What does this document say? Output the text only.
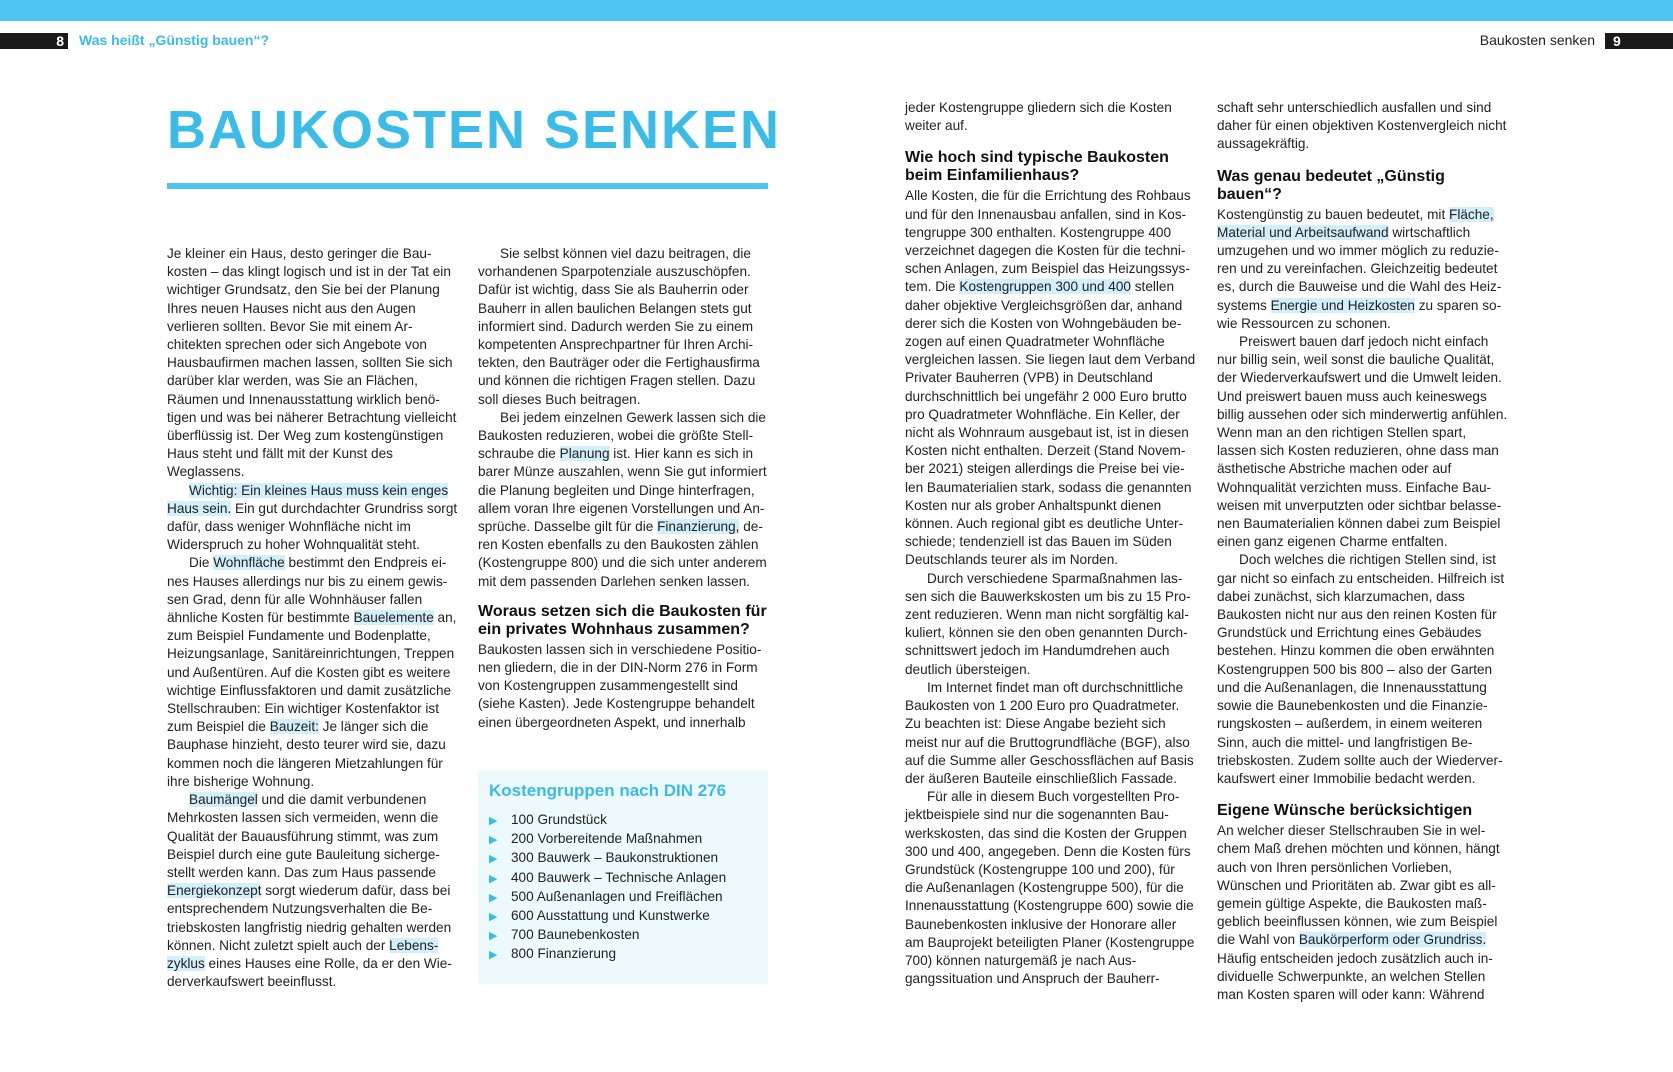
8 Was heißt „Günstig bauen“?	Baukosten senken	9
BAUKOSTEN SENKEN

Je kleiner ein Haus, desto geringer die Baukosten – das klingt logisch und ist in der Tat ein wichtiger Grundsatz, den Sie bei der Planung Ihres neuen Hauses nicht aus den Augen verlieren sollten. Bevor Sie mit einem Architekten sprechen oder sich Angebote von Hausbaufirmen machen lassen, sollten Sie sich darüber klar werden, was Sie an Flächen, Räumen und Innenausstattung wirklich benötigen und was bei näherer Betrachtung vielleicht überflüssig ist. Der Weg zum kostengünstigen Haus steht und fällt mit der Kunst des Weglassens.

Wichtig: Ein kleines Haus muss kein enges Haus sein. Ein gut durchdachter Grundriss sorgt dafür, dass weniger Wohnfläche nicht im Widerspruch zu hoher Wohnqualität steht.

Die Wohnfläche bestimmt den Endpreis eines Hauses allerdings nur bis zu einem gewissen Grad, denn für alle Wohnhäuser fallen ähnliche Kosten für bestimmte Bauelemente an, zum Beispiel Fundamente und Bodenplatte, Heizungsanlage, Sanitäreinrichtungen, Treppen und Außentüren. Auf die Kosten gibt es weitere wichtige Einflussfaktoren und damit zusätzliche Stellschrauben: Ein wichtiger Kostenfaktor ist zum Beispiel die Bauzeit: Je länger sich die Bauphase hinzieht, desto teurer wird sie, dazu kommen noch die längeren Mietzahlungen für ihre bisherige Wohnung.

Baumängel und die damit verbundenen Mehrkosten lassen sich vermeiden, wenn die Qualität der Bauausführung stimmt, was zum Beispiel durch eine gute Bauleitung sichergestellt werden kann. Das zum Haus passende Energiekonzept sorgt wiederum dafür, dass bei entsprechendem Nutzungsverhalten die Betriebskosten langfristig niedrig gehalten werden können. Nicht zuletzt spielt auch der Lebenszyklus eines Hauses eine Rolle, da er den Wiederverkaufswert beeinflusst.

Sie selbst können viel dazu beitragen, die vorhandenen Sparpotenziale auszuschöpfen. Dafür ist wichtig, dass Sie als Bauherrin oder Bauherr in allen baulichen Belangen stets gut informiert sind. Dadurch werden Sie zu einem kompetenten Ansprechpartner für Ihren Architekten, den Bauträger oder die Fertighausfirma und können die richtigen Fragen stellen. Dazu soll dieses Buch beitragen.

Bei jedem einzelnen Gewerk lassen sich die Baukosten reduzieren, wobei die größte Stellschraube die Planung ist. Hier kann es sich in barer Münze auszahlen, wenn Sie gut informiert die Planung begleiten und Dinge hinterfragen, allem voran Ihre eigenen Vorstellungen und Ansprüche. Dasselbe gilt für die Finanzierung, deren Kosten ebenfalls zu den Baukosten zählen (Kostengruppe 800) und die sich unter anderem mit dem passenden Darlehen senken lassen.

Woraus setzen sich die Baukosten für ein privates Wohnhaus zusammen?

Baukosten lassen sich in verschiedene Positionen gliedern, die in der DIN-Norm 276 in Form von Kostengruppen zusammengestellt sind (siehe Kasten). Jede Kostengruppe behandelt einen übergeordneten Aspekt, und innerhalb

Kostengruppen nach DIN 276
▶ 100 Grundstück
▶ 200 Vorbereitende Maßnahmen
▶ 300 Bauwerk – Baukonstruktionen
▶ 400 Bauwerk – Technische Anlagen
▶ 500 Außenanlagen und Freiflächen
▶ 600 Ausstattung und Kunstwerke
▶ 700 Baunebenkosten
▶ 800 Finanzierung

jeder Kostengruppe gliedern sich die Kosten weiter auf.

Wie hoch sind typische Baukosten beim Einfamilienhaus?

Alle Kosten, die für die Errichtung des Rohbaus und für den Innenausbau anfallen, sind in Kostengruppe 300 enthalten. Kostengruppe 400 verzeichnet dagegen die Kosten für die technischen Anlagen, zum Beispiel das Heizungssystem. Die Kostengruppen 300 und 400 stellen daher objektive Vergleichsgrößen dar, anhand derer sich die Kosten von Wohngebäuden bezogen auf einen Quadratmeter Wohnfläche vergleichen lassen. Sie liegen laut dem Verband Privater Bauherren (VPB) in Deutschland durchschnittlich bei ungefähr 2 000 Euro brutto pro Quadratmeter Wohnfläche. Ein Keller, der nicht als Wohnraum ausgebaut ist, ist in diesen Kosten nicht enthalten. Derzeit (Stand November 2021) steigen allerdings die Preise bei vielen Baumaterialien stark, sodass die genannten Kosten nur als grober Anhaltspunkt dienen können. Auch regional gibt es deutliche Unterschiede; tendenziell ist das Bauen im Süden Deutschlands teurer als im Norden.

Durch verschiedene Sparmaßnahmen lassen sich die Bauwerkskosten um bis zu 15 Prozent reduzieren. Wenn man nicht sorgfältig kalkuliert, können sie den oben genannten Durchschnittswert jedoch im Handumdrehen auch deutlich übersteigen.

Im Internet findet man oft durchschnittliche Baukosten von 1 200 Euro pro Quadratmeter. Zu beachten ist: Diese Angabe bezieht sich meist nur auf die Bruttogrundfläche (BGF), also auf die Summe aller Geschossflächen auf Basis der äußeren Bauteile einschließlich Fassade.

Für alle in diesem Buch vorgestellten Projektbeispiele sind nur die sogenannten Bauwerkskosten, das sind die Kosten der Gruppen 300 und 400, angegeben. Denn die Kosten fürs Grundstück (Kostengruppe 100 und 200), für die Außenanlagen (Kostengruppe 500), für die Innenausstattung (Kostengruppe 600) sowie die Baunebenkosten inklusive der Honorare aller am Bauprojekt beteiligten Planer (Kostengruppe 700) können naturgemäß je nach Ausgangssituation und Anspruch der Bauherr-

schaft sehr unterschiedlich ausfallen und sind daher für einen objektiven Kostenvergleich nicht aussagekräftig.

Was genau bedeutet „Günstig bauen“?

Kostengünstig zu bauen bedeutet, mit Fläche, Material und Arbeitsaufwand wirtschaftlich umzugehen und wo immer möglich zu reduzieren und zu vereinfachen. Gleichzeitig bedeutet es, durch die Bauweise und die Wahl des Heizsystems Energie und Heizkosten zu sparen sowie Ressourcen zu schonen.

Preiswert bauen darf jedoch nicht einfach nur billig sein, weil sonst die bauliche Qualität, der Wiederverkaufswert und die Umwelt leiden. Und preiswert bauen muss auch keineswegs billig aussehen oder sich minderwertig anfühlen. Wenn man an den richtigen Stellen spart, lassen sich Kosten reduzieren, ohne dass man ästhetische Abstriche machen oder auf Wohnqualität verzichten muss. Einfache Bauweisen mit unverputzten oder sichtbar belassenen Baumaterialien können dabei zum Beispiel einen ganz eigenen Charme entfalten.

Doch welches die richtigen Stellen sind, ist gar nicht so einfach zu entscheiden. Hilfreich ist dabei zunächst, sich klarzumachen, dass Baukosten nicht nur aus den reinen Kosten für Grundstück und Errichtung eines Gebäudes bestehen. Hinzu kommen die oben erwähnten Kostengruppen 500 bis 800 – also der Garten und die Außenanlagen, die Innenausstattung sowie die Baunebenkosten und die Finanzierungskosten – außerdem, in einem weiteren Sinn, auch die mittel- und langfristigen Betriebskosten. Zudem sollte auch der Wiederverkaufswert einer Immobilie bedacht werden.

Eigene Wünsche berücksichtigen

An welcher dieser Stellschrauben Sie in welchem Maß drehen möchten und können, hängt auch von Ihren persönlichen Vorlieben, Wünschen und Prioritäten ab. Zwar gibt es allgemein gültige Aspekte, die Baukosten maßgeblich beeinflussen können, wie zum Beispiel die Wahl von Baukörperform oder Grundriss. Häufig entscheiden jedoch zusätzlich auch individuelle Schwerpunkte, an welchen Stellen man Kosten sparen will oder kann: Während
